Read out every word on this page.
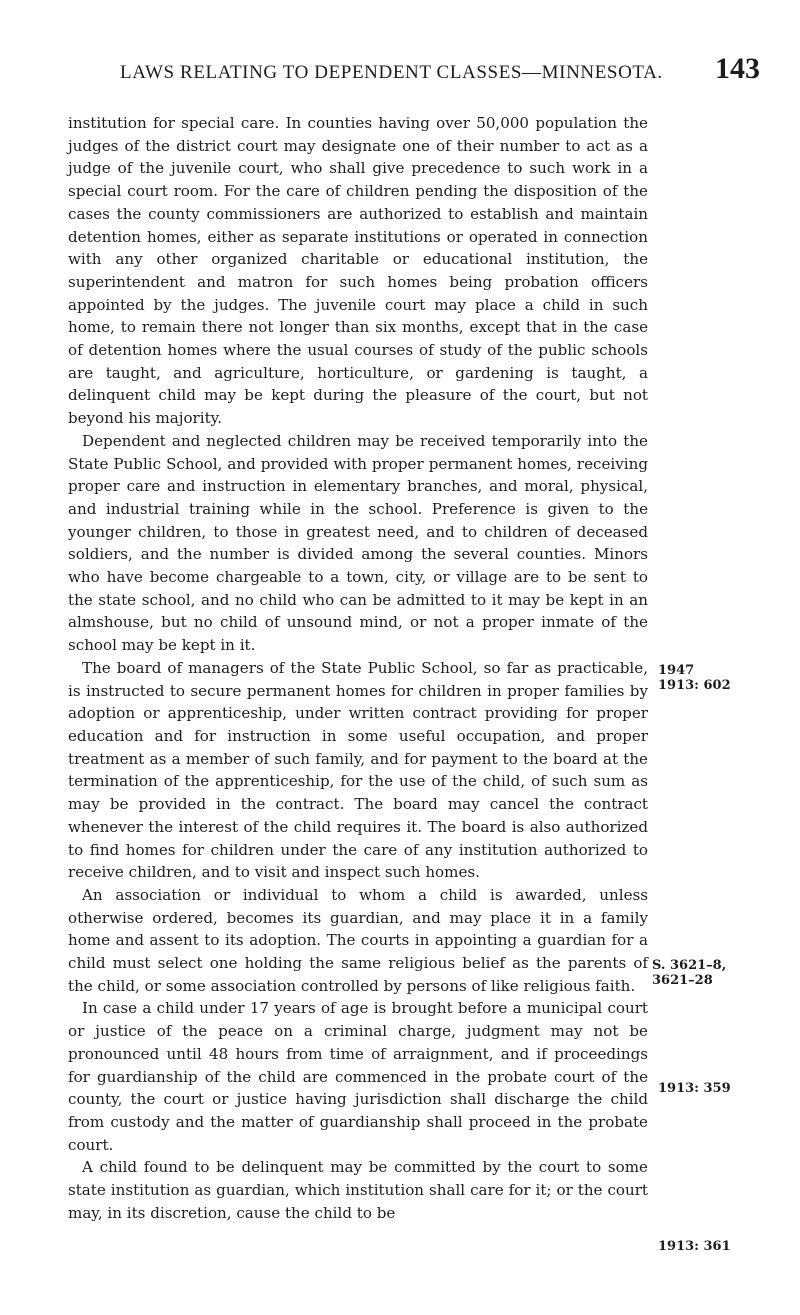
LAWS RELATING TO DEPENDENT CLASSES—MINNESOTA. 143

institution for special care. In counties having over 50,000 population the judges of the district court may designate one of their number to act as a judge of the juvenile court, who shall give precedence to such work in a special court room. For the care of children pending the disposition of the cases the county commissioners are authorized to establish and maintain detention homes, either as separate institutions or operated in connection with any other organized charitable or educational institution, the superintendent and matron for such homes being probation officers appointed by the judges. The juvenile court may place a child in such home, to remain there not longer than six months, except that in the case of detention homes where the usual courses of study of the public schools are taught, and agriculture, horticulture, or gardening is taught, a delinquent child may be kept during the pleasure of the court, but not beyond his majority.

Dependent and neglected children may be received temporarily into the State Public School, and provided with proper permanent homes, receiving proper care and instruction in elementary branches, and moral, physical, and industrial training while in the school. Preference is given to the younger children, to those in greatest need, and to children of deceased soldiers, and the number is divided among the several counties. Minors who have become chargeable to a town, city, or village are to be sent to the state school, and no child who can be admitted to it may be kept in an almshouse, but no child of unsound mind, or not a proper inmate of the school may be kept in it.

The board of managers of the State Public School, so far as practicable, is instructed to secure permanent homes for children in proper families by adoption or apprenticeship, under written contract providing for proper education and for instruction in some useful occupation, and proper treatment as a member of such family, and for payment to the board at the termination of the apprenticeship, for the use of the child, of such sum as may be provided in the contract. The board may cancel the contract whenever the interest of the child requires it. The board is also authorized to find homes for children under the care of any institution authorized to receive children, and to visit and inspect such homes.

An association or individual to whom a child is awarded, unless otherwise ordered, becomes its guardian, and may place it in a family home and assent to its adoption. The courts in appointing a guardian for a child must select one holding the same religious belief as the parents of the child, or some association controlled by persons of like religious faith.

In case a child under 17 years of age is brought before a municipal court or justice of the peace on a criminal charge, judgment may not be pronounced until 48 hours from time of arraignment, and if proceedings for guardianship of the child are commenced in the probate court of the county, the court or justice having jurisdiction shall discharge the child from custody and the matter of guardianship shall proceed in the probate court.

A child found to be delinquent may be committed by the court to some state institution as guardian, which institution shall care for it; or the court may, in its discretion, cause the child to be

1947
1913: 602
S. 3621–8,
3621–28
1913: 359
1913: 361
